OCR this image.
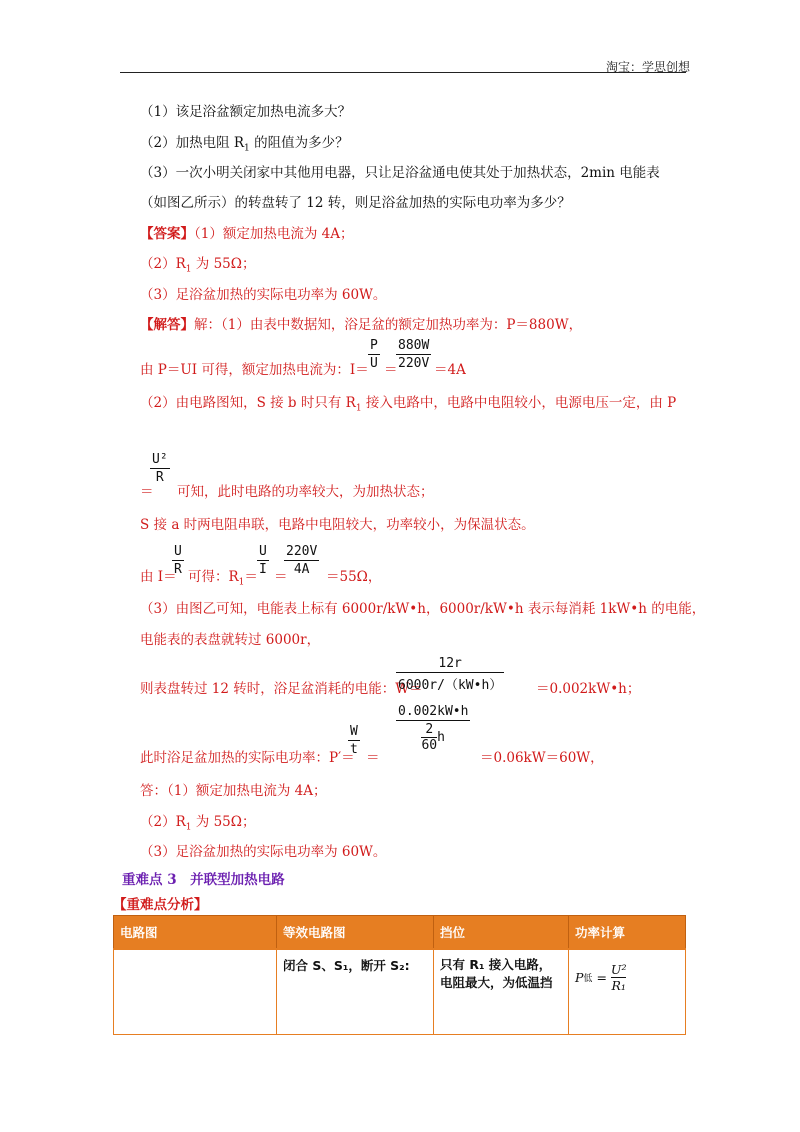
淘宝：学思创想
（1）该足浴盆额定加热电流多大？
（2）加热电阻 $R_1$ 的阻值为多少？
（3）一次小明关闭家中其他用电器，只让足浴盆通电使其处于加热状态，2min 电能表
（如图乙所示）的转盘转了 12 转，则足浴盆加热的实际电功率为多少？
【答案】（1）额定加热电流为 4A；
$(2)R_1$ 为 55Ω；
（3）足浴盆加热的实际电功率为 60W。
【解答】解：（1）由表中数据知，浴足盆的额定加热功率为：P＝880W，
由 P＝UI 可得，额定加热电流为：I＝
P
U ＝
880W
220V ＝4A
（2）由电路图知，S 接 b 时只有 $R_1$ 接入电路中，电路中电阻较小，电源电压一定，由 P
U²
R
＝ 可知，此时电路的功率较大，为加热状态；
S 接 a 时两电阻串联，电路中电阻较大，功率较小，为保温状态。
由 I＝
U
R 可得：$R_1=$
U
I ＝
220V
4A	＝55Ω，
（3）由图乙可知，电能表上标有 6000r/kW•h，6000r/kW•h 表示每消耗 1kW•h 的电能，
电能表的表盘就转过 6000r，
则表盘转过 12 转时，浴足盆消耗的电能：W＝
12r
6000r/（kW•h） ＝0.002kW•h；
此时浴足盆加热的实际电功率：P′＝
W
t
＝
0.002kW•h
2
60
h
＝0.06kW＝60W，
答：（1）额定加热电流为 4A；
$(2)R_1$ 为 55Ω；
（3）足浴盆加热的实际电功率为 60W。
重难点 3　并联型加热电路
【重难点分析】
电路图	等效电路图	挡位	功率计算
	闭合 S、S₁，断开 S₂:	只有 R₁ 接入电路，电阻最大，为低温挡	P 低 =
U²
R₁
